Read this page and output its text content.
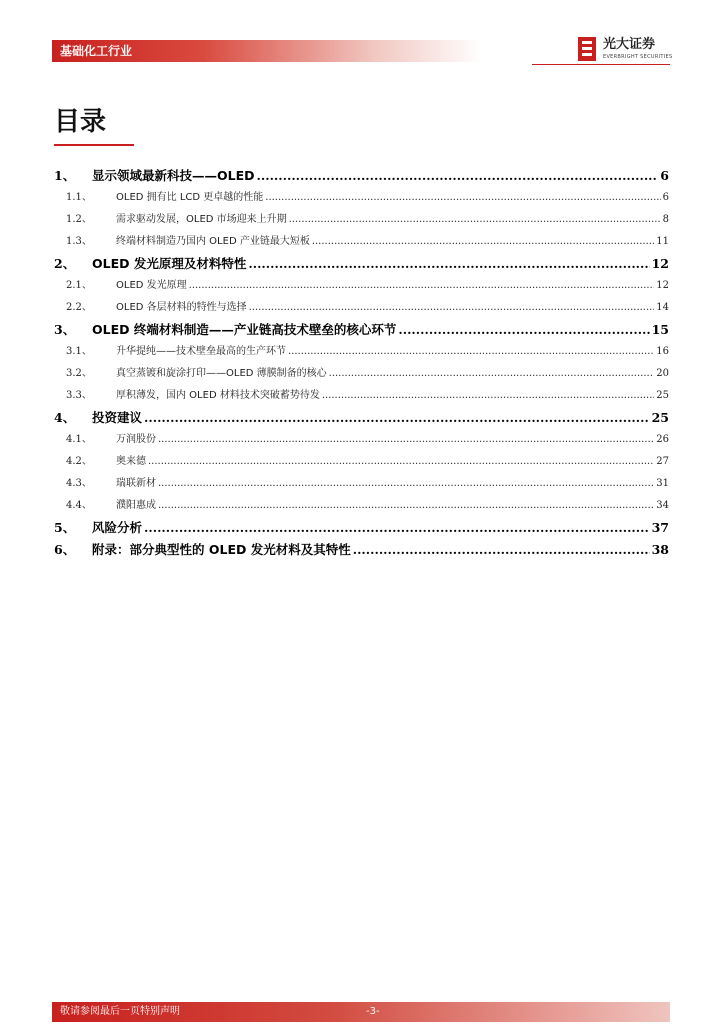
基础化工行业	光大证券
EVERBRIGHT SECURITIES
目录
1、	显示领域最新科技——OLED .....	6
1.1、	OLED 拥有比 LCD 更卓越的性能 .....	6
1.2、	需求驱动发展，OLED 市场迎来上升期 .....	8
1.3、	终端材料制造乃国内 OLED 产业链最大短板 .....	11
2、	OLED 发光原理及材料特性 .....	12
2.1、	OLED 发光原理 .....	12
2.2、	OLED 各层材料的特性与选择 .....	14
3、	OLED 终端材料制造——产业链高技术壁垒的核心环节 .....	15
3.1、	升华提纯——技术壁垒最高的生产环节 .....	16
3.2、	真空蒸镀和旋涂打印——OLED 薄膜制备的核心 .....	20
3.3、	厚积薄发，国内 OLED 材料技术突破蓄势待发 .....	25
4、	投资建议 .....	25
4.1、	万润股份 .....	26
4.2、	奥来德 .....	27
4.3、	瑞联新材 .....	31
4.4、	濮阳惠成 .....	34
5、	风险分析 .....	37
6、	附录：部分典型性的 OLED 发光材料及其特性 .....	38
敬请参阅最后一页特别声明	-3-
